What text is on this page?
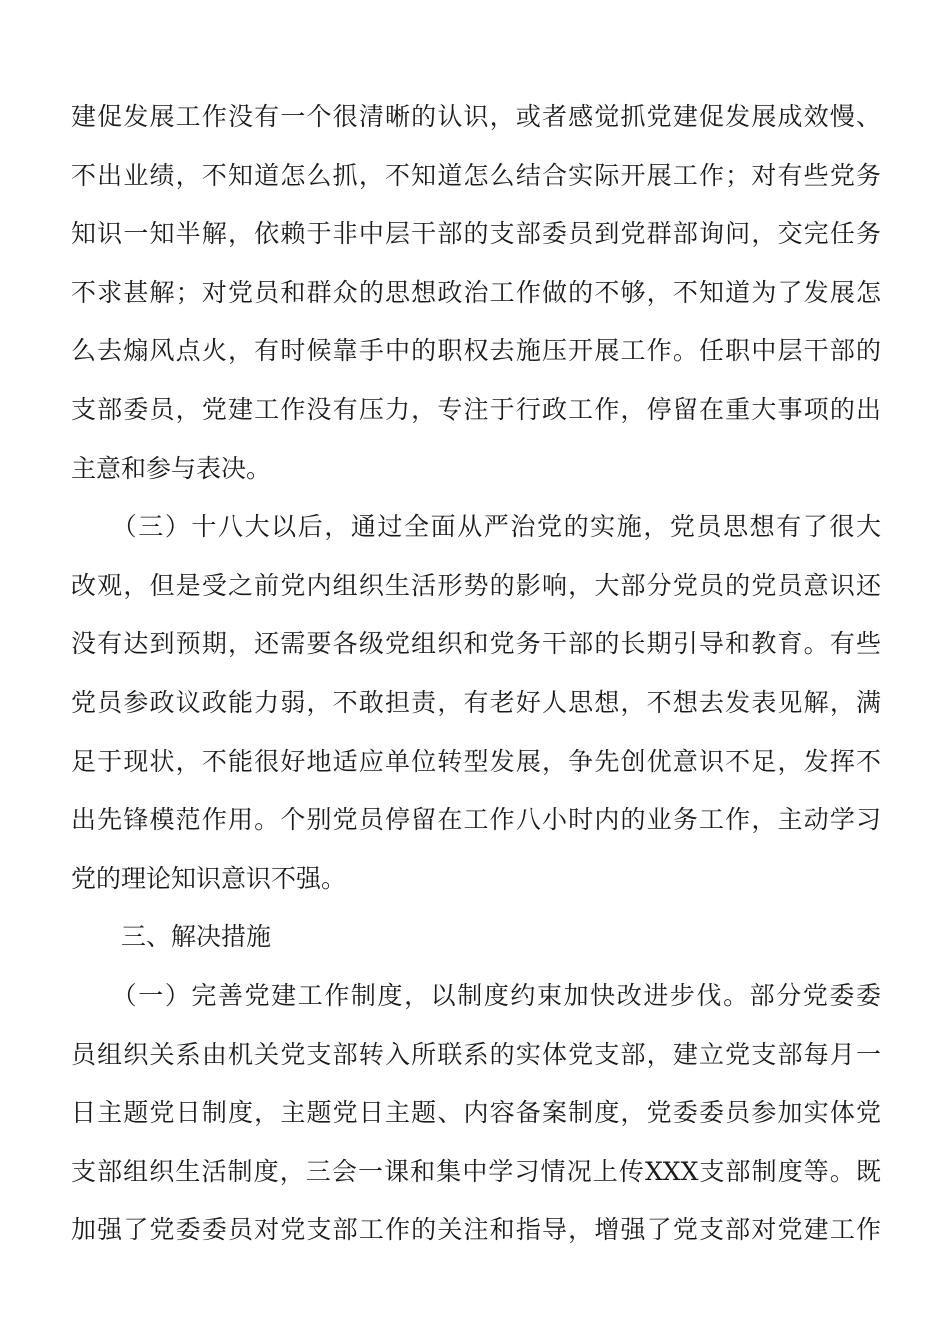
建促发展工作没有一个很清晰的认识，或者感觉抓党建促发展成效慢、
不出业绩，不知道怎么抓，不知道怎么结合实际开展工作；对有些党务
知识一知半解，依赖于非中层干部的支部委员到党群部询问，交完任务
不求甚解；对党员和群众的思想政治工作做的不够，不知道为了发展怎
么去煽风点火，有时候靠手中的职权去施压开展工作。任职中层干部的
支部委员，党建工作没有压力，专注于行政工作，停留在重大事项的出
主意和参与表决。
　　（三）十八大以后，通过全面从严治党的实施，党员思想有了很大
改观，但是受之前党内组织生活形势的影响，大部分党员的党员意识还
没有达到预期，还需要各级党组织和党务干部的长期引导和教育。有些
党员参政议政能力弱，不敢担责，有老好人思想，不想去发表见解，满
足于现状，不能很好地适应单位转型发展，争先创优意识不足，发挥不
出先锋模范作用。个别党员停留在工作八小时内的业务工作，主动学习
党的理论知识意识不强。
　　三、解决措施
　　（一）完善党建工作制度，以制度约束加快改进步伐。部分党委委
员组织关系由机关党支部转入所联系的实体党支部，建立党支部每月一
日主题党日制度，主题党日主题、内容备案制度，党委委员参加实体党
支部组织生活制度，三会一课和集中学习情况上传XXX支部制度等。既
加强了党委委员对党支部工作的关注和指导，增强了党支部对党建工作
